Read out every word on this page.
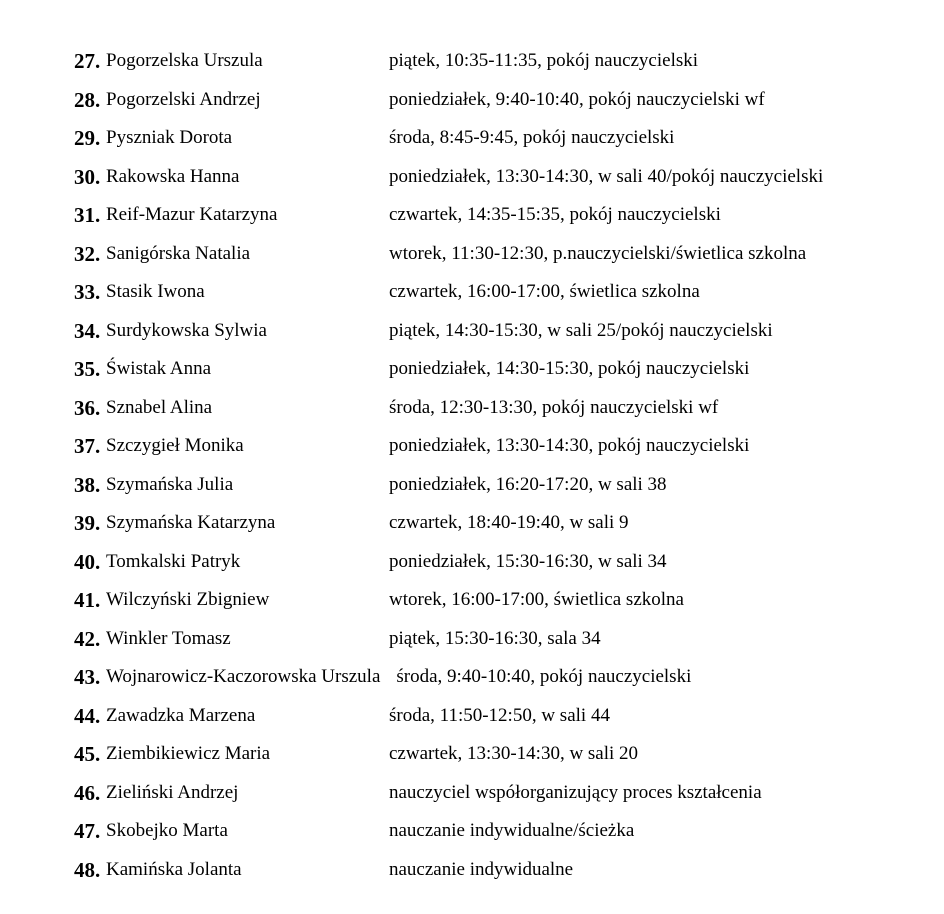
27. Pogorzelska Urszula	piątek, 10:35-11:35, pokój nauczycielski
28. Pogorzelski Andrzej	poniedziałek, 9:40-10:40, pokój nauczycielski wf
29. Pyszniak Dorota	środa, 8:45-9:45, pokój nauczycielski
30. Rakowska Hanna	poniedziałek, 13:30-14:30, w sali 40/pokój nauczycielski
31. Reif-Mazur Katarzyna	czwartek, 14:35-15:35, pokój nauczycielski
32. Sanigórska Natalia	wtorek, 11:30-12:30, p.nauczycielski/świetlica szkolna
33. Stasik Iwona	czwartek, 16:00-17:00, świetlica szkolna
34. Surdykowska Sylwia	piątek, 14:30-15:30, w sali 25/pokój nauczycielski
35. Świstak Anna	poniedziałek, 14:30-15:30, pokój nauczycielski
36. Sznabel Alina	środa, 12:30-13:30, pokój nauczycielski wf
37. Szczygieł Monika	poniedziałek, 13:30-14:30, pokój nauczycielski
38. Szymańska Julia	poniedziałek, 16:20-17:20, w sali 38
39. Szymańska Katarzyna	czwartek, 18:40-19:40, w sali 9
40. Tomkalski Patryk	poniedziałek, 15:30-16:30, w sali 34
41. Wilczyński Zbigniew	wtorek, 16:00-17:00, świetlica szkolna
42. Winkler Tomasz	piątek, 15:30-16:30, sala 34
43. Wojnarowicz-Kaczorowska Urszula środa, 9:40-10:40, pokój nauczycielski
44. Zawadzka Marzena	środa, 11:50-12:50, w sali 44
45. Ziembikiewicz Maria	czwartek, 13:30-14:30, w sali 20
46. Zieliński Andrzej	nauczyciel współorganizujący proces kształcenia
47. Skobejko Marta	nauczanie indywidualne/ścieżka
48. Kamińska Jolanta	nauczanie indywidualne
